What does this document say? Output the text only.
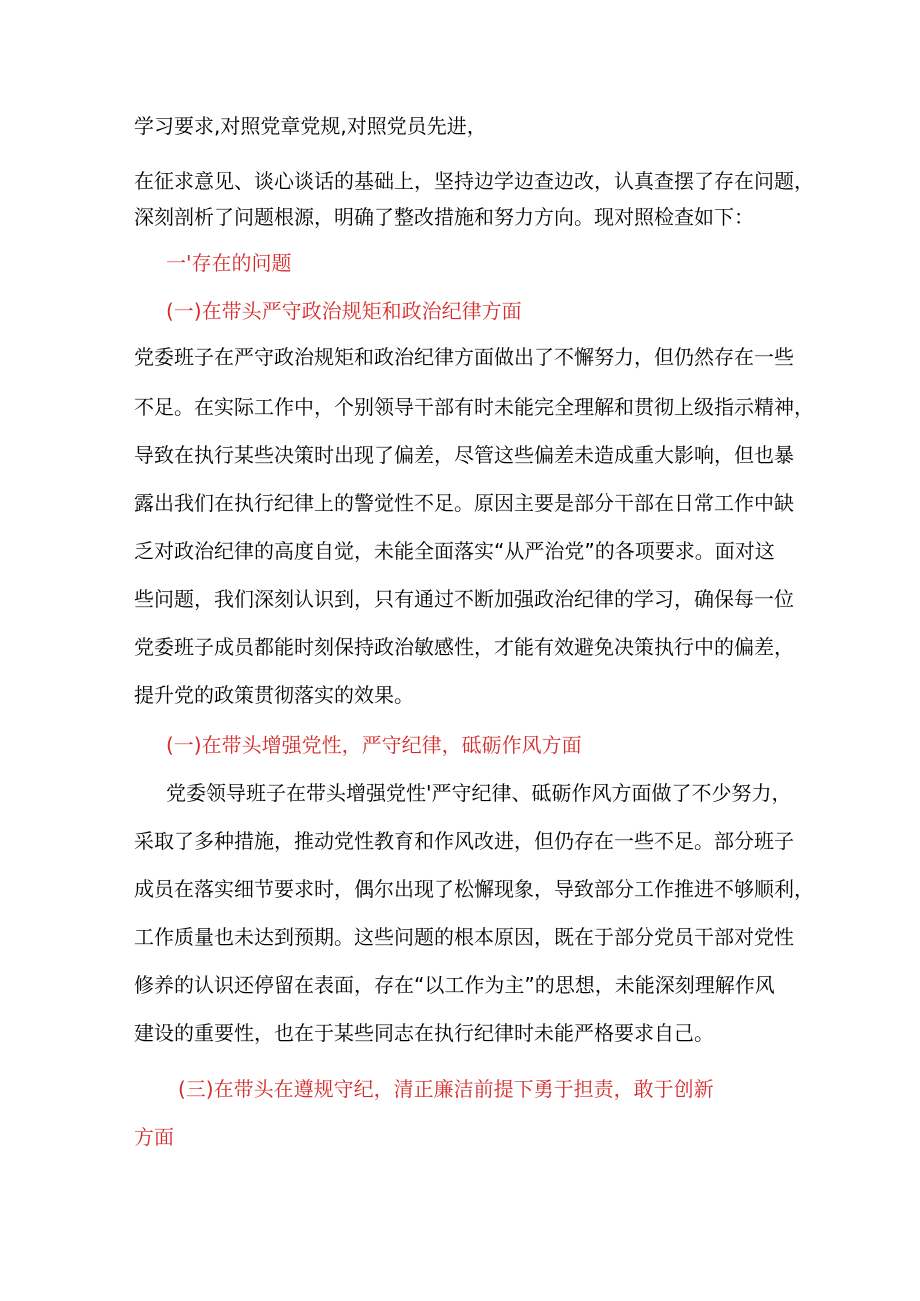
学习要求,对照党章党规,对照党员先进，
在征求意见、谈心谈话的基础上，坚持边学边查边改，认真查摆了存在问题，
深刻剖析了问题根源，明确了整改措施和努力方向。现对照检查如下：
一'存在的问题
(一)在带头严守政治规矩和政治纪律方面
党委班子在严守政治规矩和政治纪律方面做出了不懈努力，但仍然存在一些
不足。在实际工作中，个别领导干部有时未能完全理解和贯彻上级指示精神，
导致在执行某些决策时出现了偏差，尽管这些偏差未造成重大影响，但也暴
露出我们在执行纪律上的警觉性不足。原因主要是部分干部在日常工作中缺
乏对政治纪律的高度自觉，未能全面落实“从严治党”的各项要求。面对这
些问题，我们深刻认识到，只有通过不断加强政治纪律的学习，确保每一位
党委班子成员都能时刻保持政治敏感性，才能有效避免决策执行中的偏差，
提升党的政策贯彻落实的效果。
(一)在带头增强党性，严守纪律，砥砺作风方面
党委领导班子在带头增强党性'严守纪律、砥砺作风方面做了不少努力，
采取了多种措施，推动党性教育和作风改进，但仍存在一些不足。部分班子
成员在落实细节要求时，偶尔出现了松懈现象，导致部分工作推进不够顺利，
工作质量也未达到预期。这些问题的根本原因，既在于部分党员干部对党性
修养的认识还停留在表面，存在“以工作为主”的思想，未能深刻理解作风
建设的重要性，也在于某些同志在执行纪律时未能严格要求自己。
(三)在带头在遵规守纪，清正廉洁前提下勇于担责，敢于创新
方面
